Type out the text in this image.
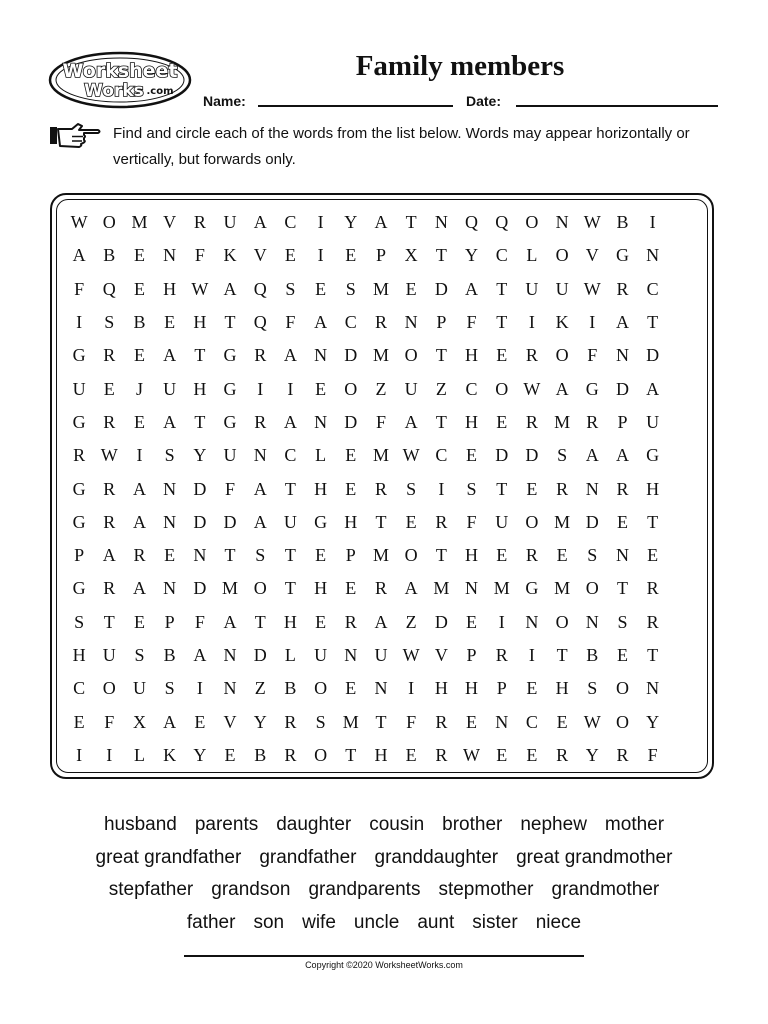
Worksheet
Works .com
Family members
Name:	Date:
Find and circle each of the words from the list below. Words may appear horizontally or vertically, but forwards only.
W O M V R U A C	I	Y A	T	N Q Q O N W B	I
A B	E	N	F	K V	E	I	E	P	X	T	Y C	L	O V G N
F	Q	E	H W A Q	S	E	S M E	D A	T	U U W R	C
I	S	B	E	H	T	Q	F	A C	R N	P	F	T	I	K	I	A	T
G R	E	A	T	G R A N D M O	T	H	E	R O	F	N D
U	E	J	U H G	I	I	E	O	Z	U	Z	C O W A G D A
G R	E	A	T	G R A N D	F	A	T	H	E	R M R	P	U
R W	I	S	Y U N C	L	E M W C	E	D D	S	A A G
G R A N D	F	A	T	H	E	R	S	I	S	T	E	R N R H
G R A N D D A U G H	T	E	R	F	U O M D	E	T
P	A R	E	N	T	S	T	E	P M O	T	H	E	R	E	S	N	E
G R A N D M O	T	H	E	R A M N M G M O	T	R
S	T	E	P	F	A	T	H	E	R A	Z	D	E	I	N O N	S	R
H U	S	B A N D	L	U N U W V	P	R	I	T	B	E	T
C O U	S	I	N	Z	B O	E	N	I	H H	P	E	H	S	O N
E	F	X A	E	V Y R	S M T	F	R	E	N C	E W O Y
I	I	L	K Y	E	B	R O	T	H	E	R W E	E	R Y R	F
husband parents daughter cousin brother nephew mother
great grandfather grandfather granddaughter great grandmother
stepfather grandson grandparents stepmother grandmother
father son wife uncle aunt sister niece
Copyright ©2020 WorksheetWorks.com
